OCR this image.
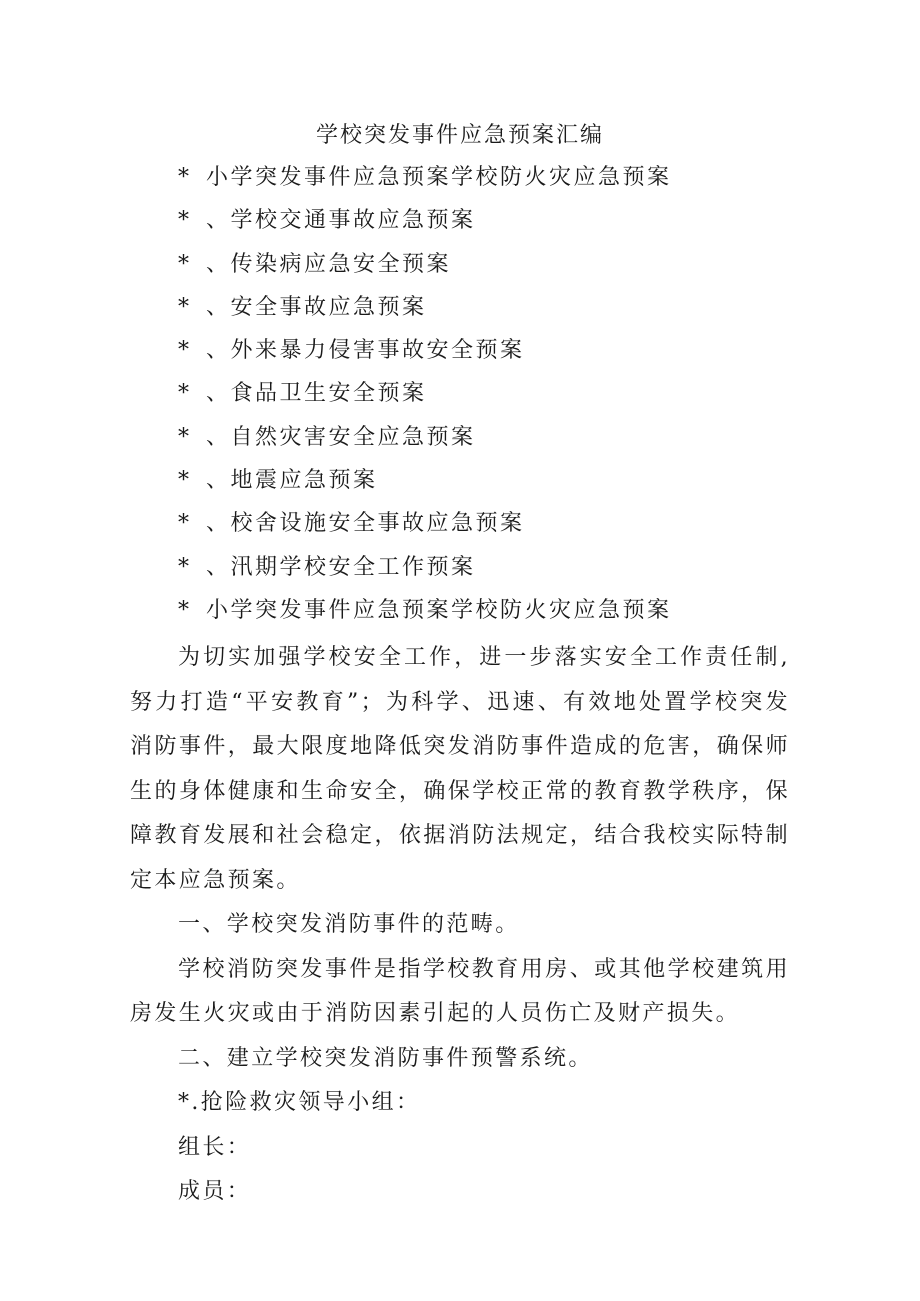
学校突发事件应急预案汇编
* 小学突发事件应急预案学校防火灾应急预案
* 、学校交通事故应急预案
* 、传染病应急安全预案
* 、安全事故应急预案
* 、外来暴力侵害事故安全预案
* 、食品卫生安全预案
* 、自然灾害安全应急预案
* 、地震应急预案
* 、校舍设施安全事故应急预案
* 、汛期学校安全工作预案
* 小学突发事件应急预案学校防火灾应急预案

为切实加强学校安全工作，进一步落实安全工作责任制,努力打造“平安教育”；为科学、迅速、有效地处置学校突发消防事件，最大限度地降低突发消防事件造成的危害，确保师生的身体健康和生命安全，确保学校正常的教育教学秩序，保障教育发展和社会稳定，依据消防法规定，结合我校实际特制定本应急预案。

一、学校突发消防事件的范畴。

学校消防突发事件是指学校教育用房、或其他学校建筑用房发生火灾或由于消防因素引起的人员伤亡及财产损失。

二、建立学校突发消防事件预警系统。

*.抢险救灾领导小组：

组长：

成员：
